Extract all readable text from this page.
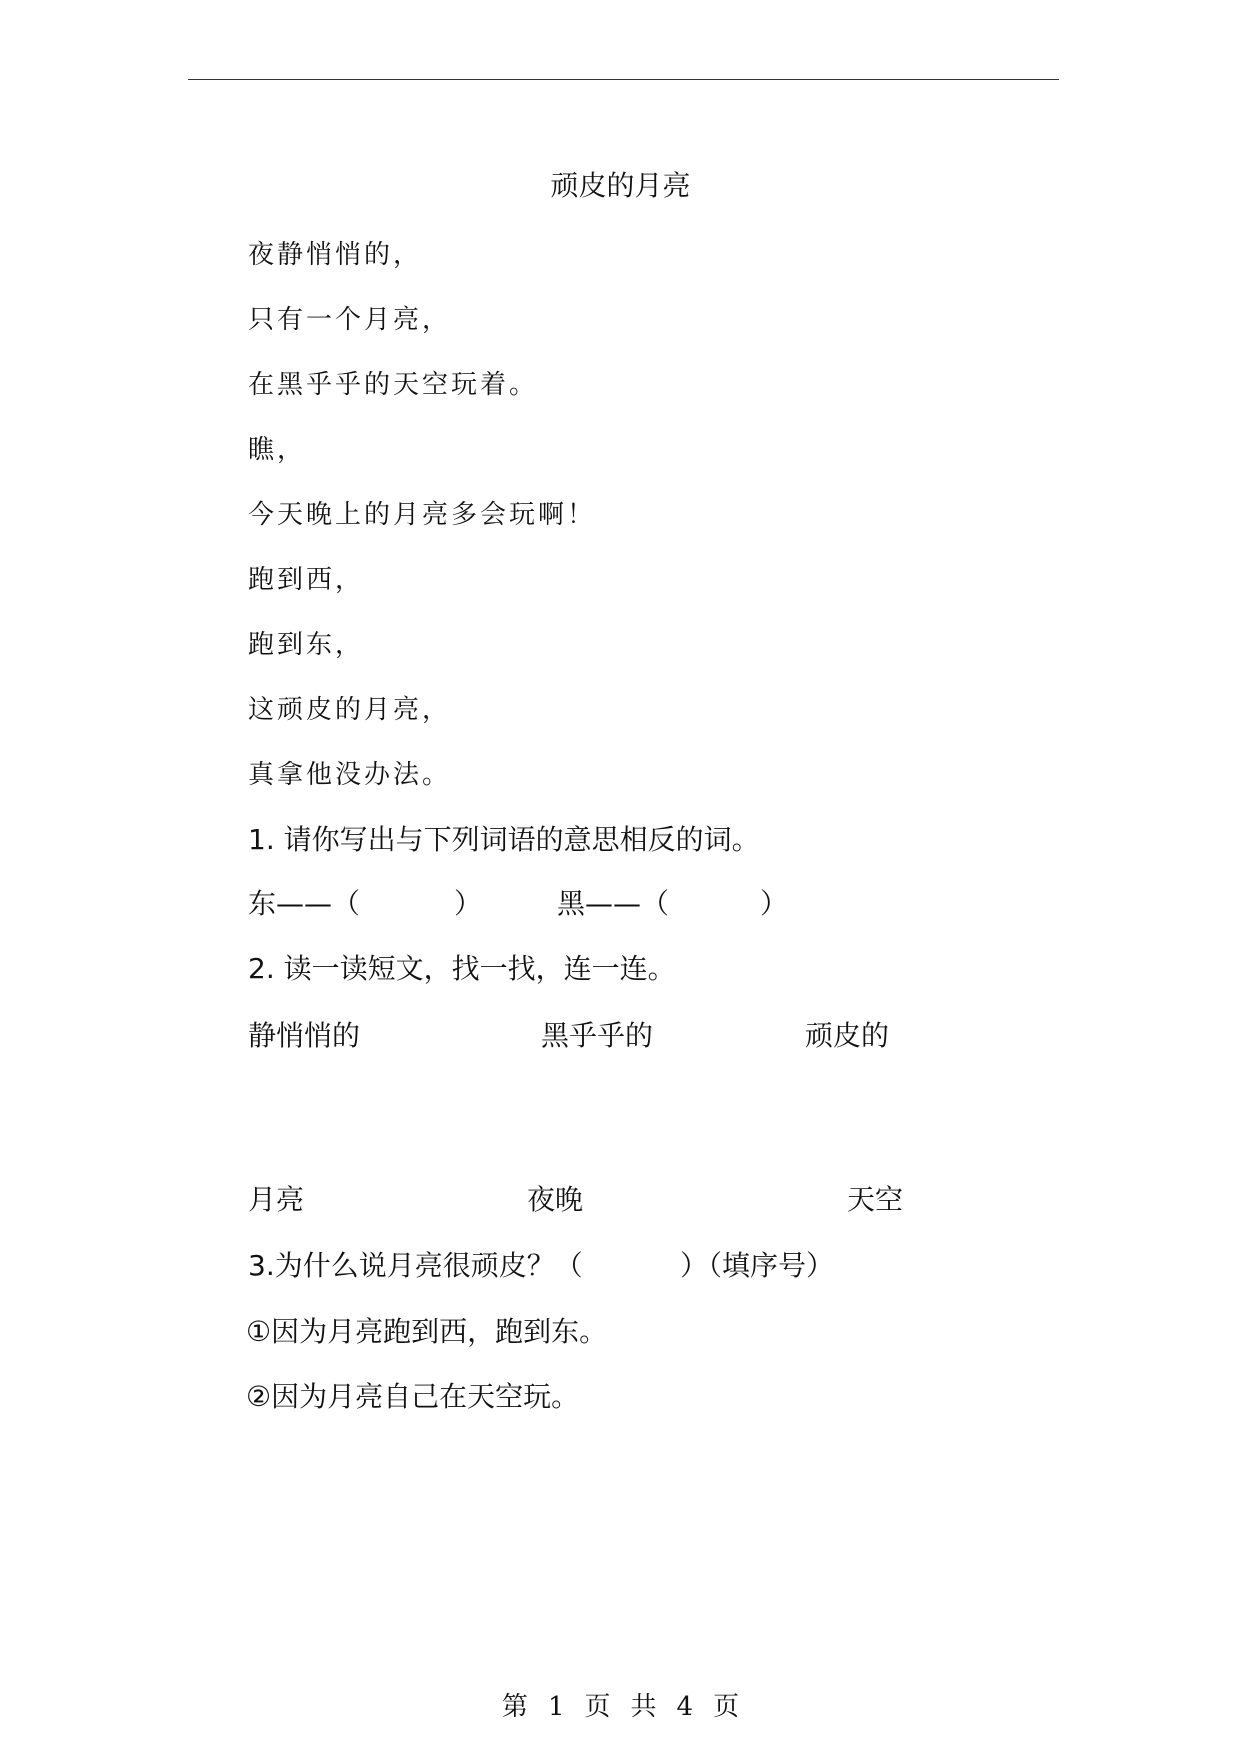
顽皮的月亮
夜静悄悄的，
只有一个月亮，
在黑乎乎的天空玩着。
瞧，
今天晚上的月亮多会玩啊！
跑到西，
跑到东，
这顽皮的月亮，
真拿他没办法。
1. 请你写出与下列词语的意思相反的词。
东——（	）	黑——（	）
2. 读一读短文，找一找，连一连。
静悄悄的	黑乎乎的	顽皮的
月亮	夜晚	天空
3.为什么说月亮很顽皮？（	）（填序号）
①因为月亮跑到西，跑到东。
②因为月亮自己在天空玩。
第 1 页 共 4 页
